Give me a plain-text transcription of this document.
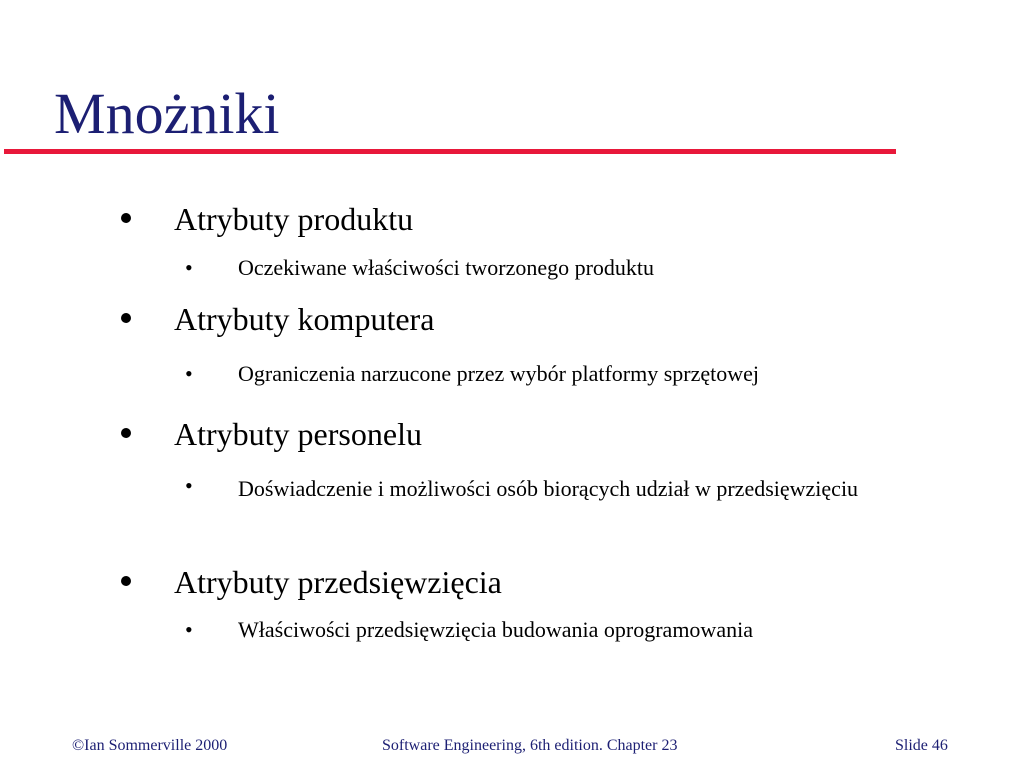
Mnożniki
Atrybuty produktu
• Oczekiwane właściwości tworzonego produktu
Atrybuty komputera
• Ograniczenia narzucone przez wybór platformy sprzętowej
Atrybuty personelu
• Doświadczenie i możliwości osób biorących udział w przedsięwzięciu
Atrybuty przedsięwzięcia
• Właściwości przedsięwzięcia budowania oprogramowania
©Ian Sommerville 2000	Software Engineering, 6th edition. Chapter 23	Slide 46
